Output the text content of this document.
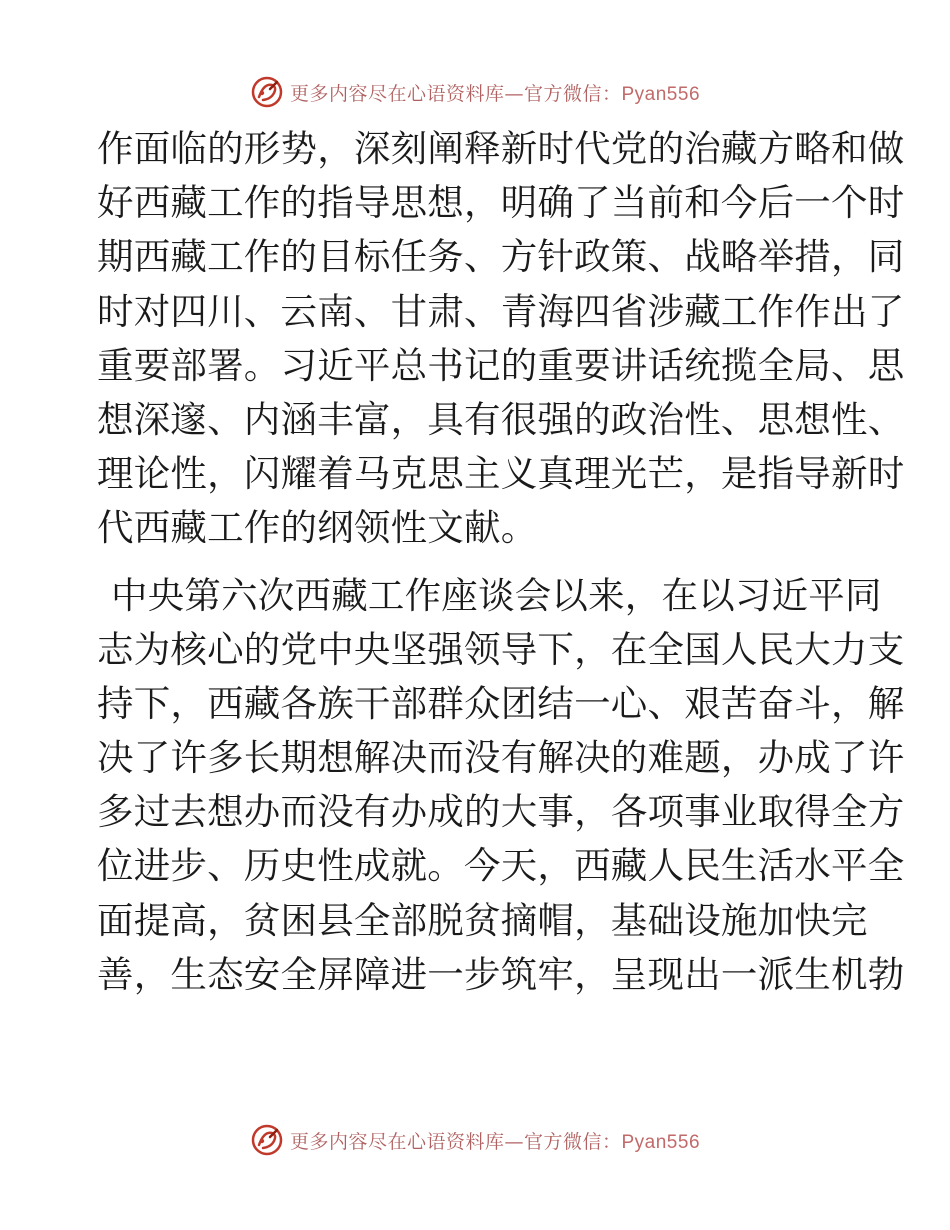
更多内容尽在心语资料库—官方微信：Pyan556

作面临的形势，深刻阐释新时代党的治藏方略和做
好西藏工作的指导思想，明确了当前和今后一个时
期西藏工作的目标任务、方针政策、战略举措，同
时对四川、云南、甘肃、青海四省涉藏工作作出了
重要部署。习近平总书记的重要讲话统揽全局、思
想深邃、内涵丰富，具有很强的政治性、思想性、
理论性，闪耀着马克思主义真理光芒，是指导新时
代西藏工作的纲领性文献。

中央第六次西藏工作座谈会以来，在以习近平同
志为核心的党中央坚强领导下，在全国人民大力支
持下，西藏各族干部群众团结一心、艰苦奋斗，解
决了许多长期想解决而没有解决的难题，办成了许
多过去想办而没有办成的大事，各项事业取得全方
位进步、历史性成就。今天，西藏人民生活水平全
面提高，贫困县全部脱贫摘帽，基础设施加快完
善，生态安全屏障进一步筑牢，呈现出一派生机勃

更多内容尽在心语资料库—官方微信：Pyan556
